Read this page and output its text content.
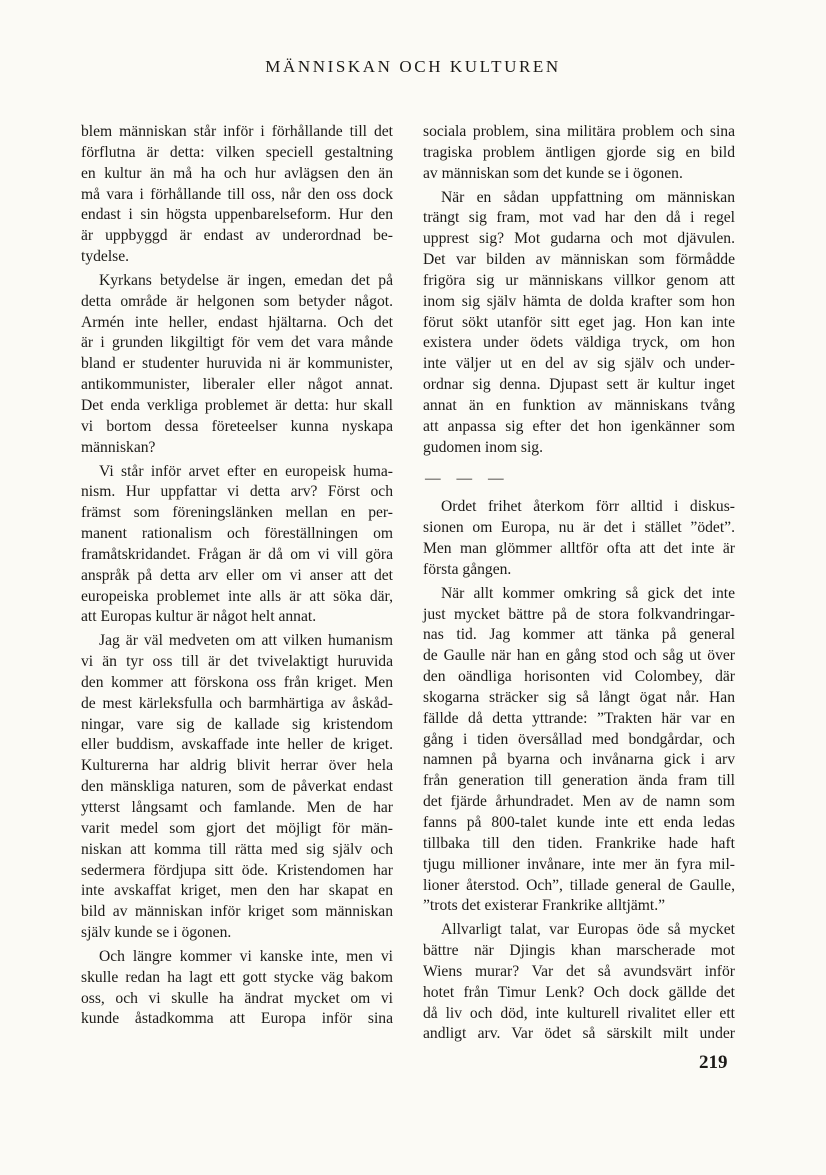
MÄNNISKAN OCH KULTUREN
blem människan står inför i förhållande till det
förflutna är detta: vilken speciell gestaltning
en kultur än må ha och hur avlägsen den än
må vara i förhållande till oss, når den oss dock
endast i sin högsta uppenbarelseform. Hur den
är uppbyggd är endast av underordnad be-
tydelse.
Kyrkans betydelse är ingen, emedan det på
detta område är helgonen som betyder något.
Armén inte heller, endast hjältarna. Och det
är i grunden likgiltigt för vem det vara månde
bland er studenter huruvida ni är kommunister,
antikommunister, liberaler eller något annat.
Det enda verkliga problemet är detta: hur skall
vi bortom dessa företeelser kunna nyskapa
människan?
Vi står inför arvet efter en europeisk huma-
nism. Hur uppfattar vi detta arv? Först och
främst som föreningslänken mellan en per-
manent rationalism och föreställningen om
framåtskridandet. Frågan är då om vi vill göra
anspråk på detta arv eller om vi anser att det
europeiska problemet inte alls är att söka där,
att Europas kultur är något helt annat.
Jag är väl medveten om att vilken humanism
vi än tyr oss till är det tvivelaktigt huruvida
den kommer att förskona oss från kriget. Men
de mest kärleksfulla och barmhärtiga av åskåd-
ningar, vare sig de kallade sig kristendom
eller buddism, avskaffade inte heller de kriget.
Kulturerna har aldrig blivit herrar över hela
den mänskliga naturen, som de påverkat endast
ytterst långsamt och famlande. Men de har
varit medel som gjort det möjligt för män-
niskan att komma till rätta med sig själv och
sedermera fördjupa sitt öde. Kristendomen har
inte avskaffat kriget, men den har skapat en
bild av människan inför kriget som människan
själv kunde se i ögonen.
Och längre kommer vi kanske inte, men vi
skulle redan ha lagt ett gott stycke väg bakom
oss, och vi skulle ha ändrat mycket om vi
kunde åstadkomma att Europa inför sina
sociala problem, sina militära problem och sina
tragiska problem äntligen gjorde sig en bild
av människan som det kunde se i ögonen.
När en sådan uppfattning om människan
trängt sig fram, mot vad har den då i regel
upprest sig? Mot gudarna och mot djävulen.
Det var bilden av människan som förmådde
frigöra sig ur människans villkor genom att
inom sig själv hämta de dolda krafter som hon
förut sökt utanför sitt eget jag. Hon kan inte
existera under ödets väldiga tryck, om hon
inte väljer ut en del av sig själv och under-
ordnar sig denna. Djupast sett är kultur inget
annat än en funktion av människans tvång
att anpassa sig efter det hon igenkänner som
gudomen inom sig.
— — —
Ordet frihet återkom förr alltid i diskus-
sionen om Europa, nu är det i stället ”ödet”.
Men man glömmer alltför ofta att det inte är
första gången.
När allt kommer omkring så gick det inte
just mycket bättre på de stora folkvandringar-
nas tid. Jag kommer att tänka på general
de Gaulle när han en gång stod och såg ut över
den oändliga horisonten vid Colombey, där
skogarna sträcker sig så långt ögat når. Han
fällde då detta yttrande: ”Trakten här var en
gång i tiden översållad med bondgårdar, och
namnen på byarna och invånarna gick i arv
från generation till generation ända fram till
det fjärde århundradet. Men av de namn som
fanns på 800-talet kunde inte ett enda ledas
tillbaka till den tiden. Frankrike hade haft
tjugu millioner invånare, inte mer än fyra mil-
lioner återstod. Och”, tillade general de Gaulle,
”trots det existerar Frankrike alltjämt.”
Allvarligt talat, var Europas öde så mycket
bättre när Djingis khan marscherade mot
Wiens murar? Var det så avundsvärt inför
hotet från Timur Lenk? Och dock gällde det
då liv och död, inte kulturell rivalitet eller ett
andligt arv. Var ödet så särskilt milt under
219
